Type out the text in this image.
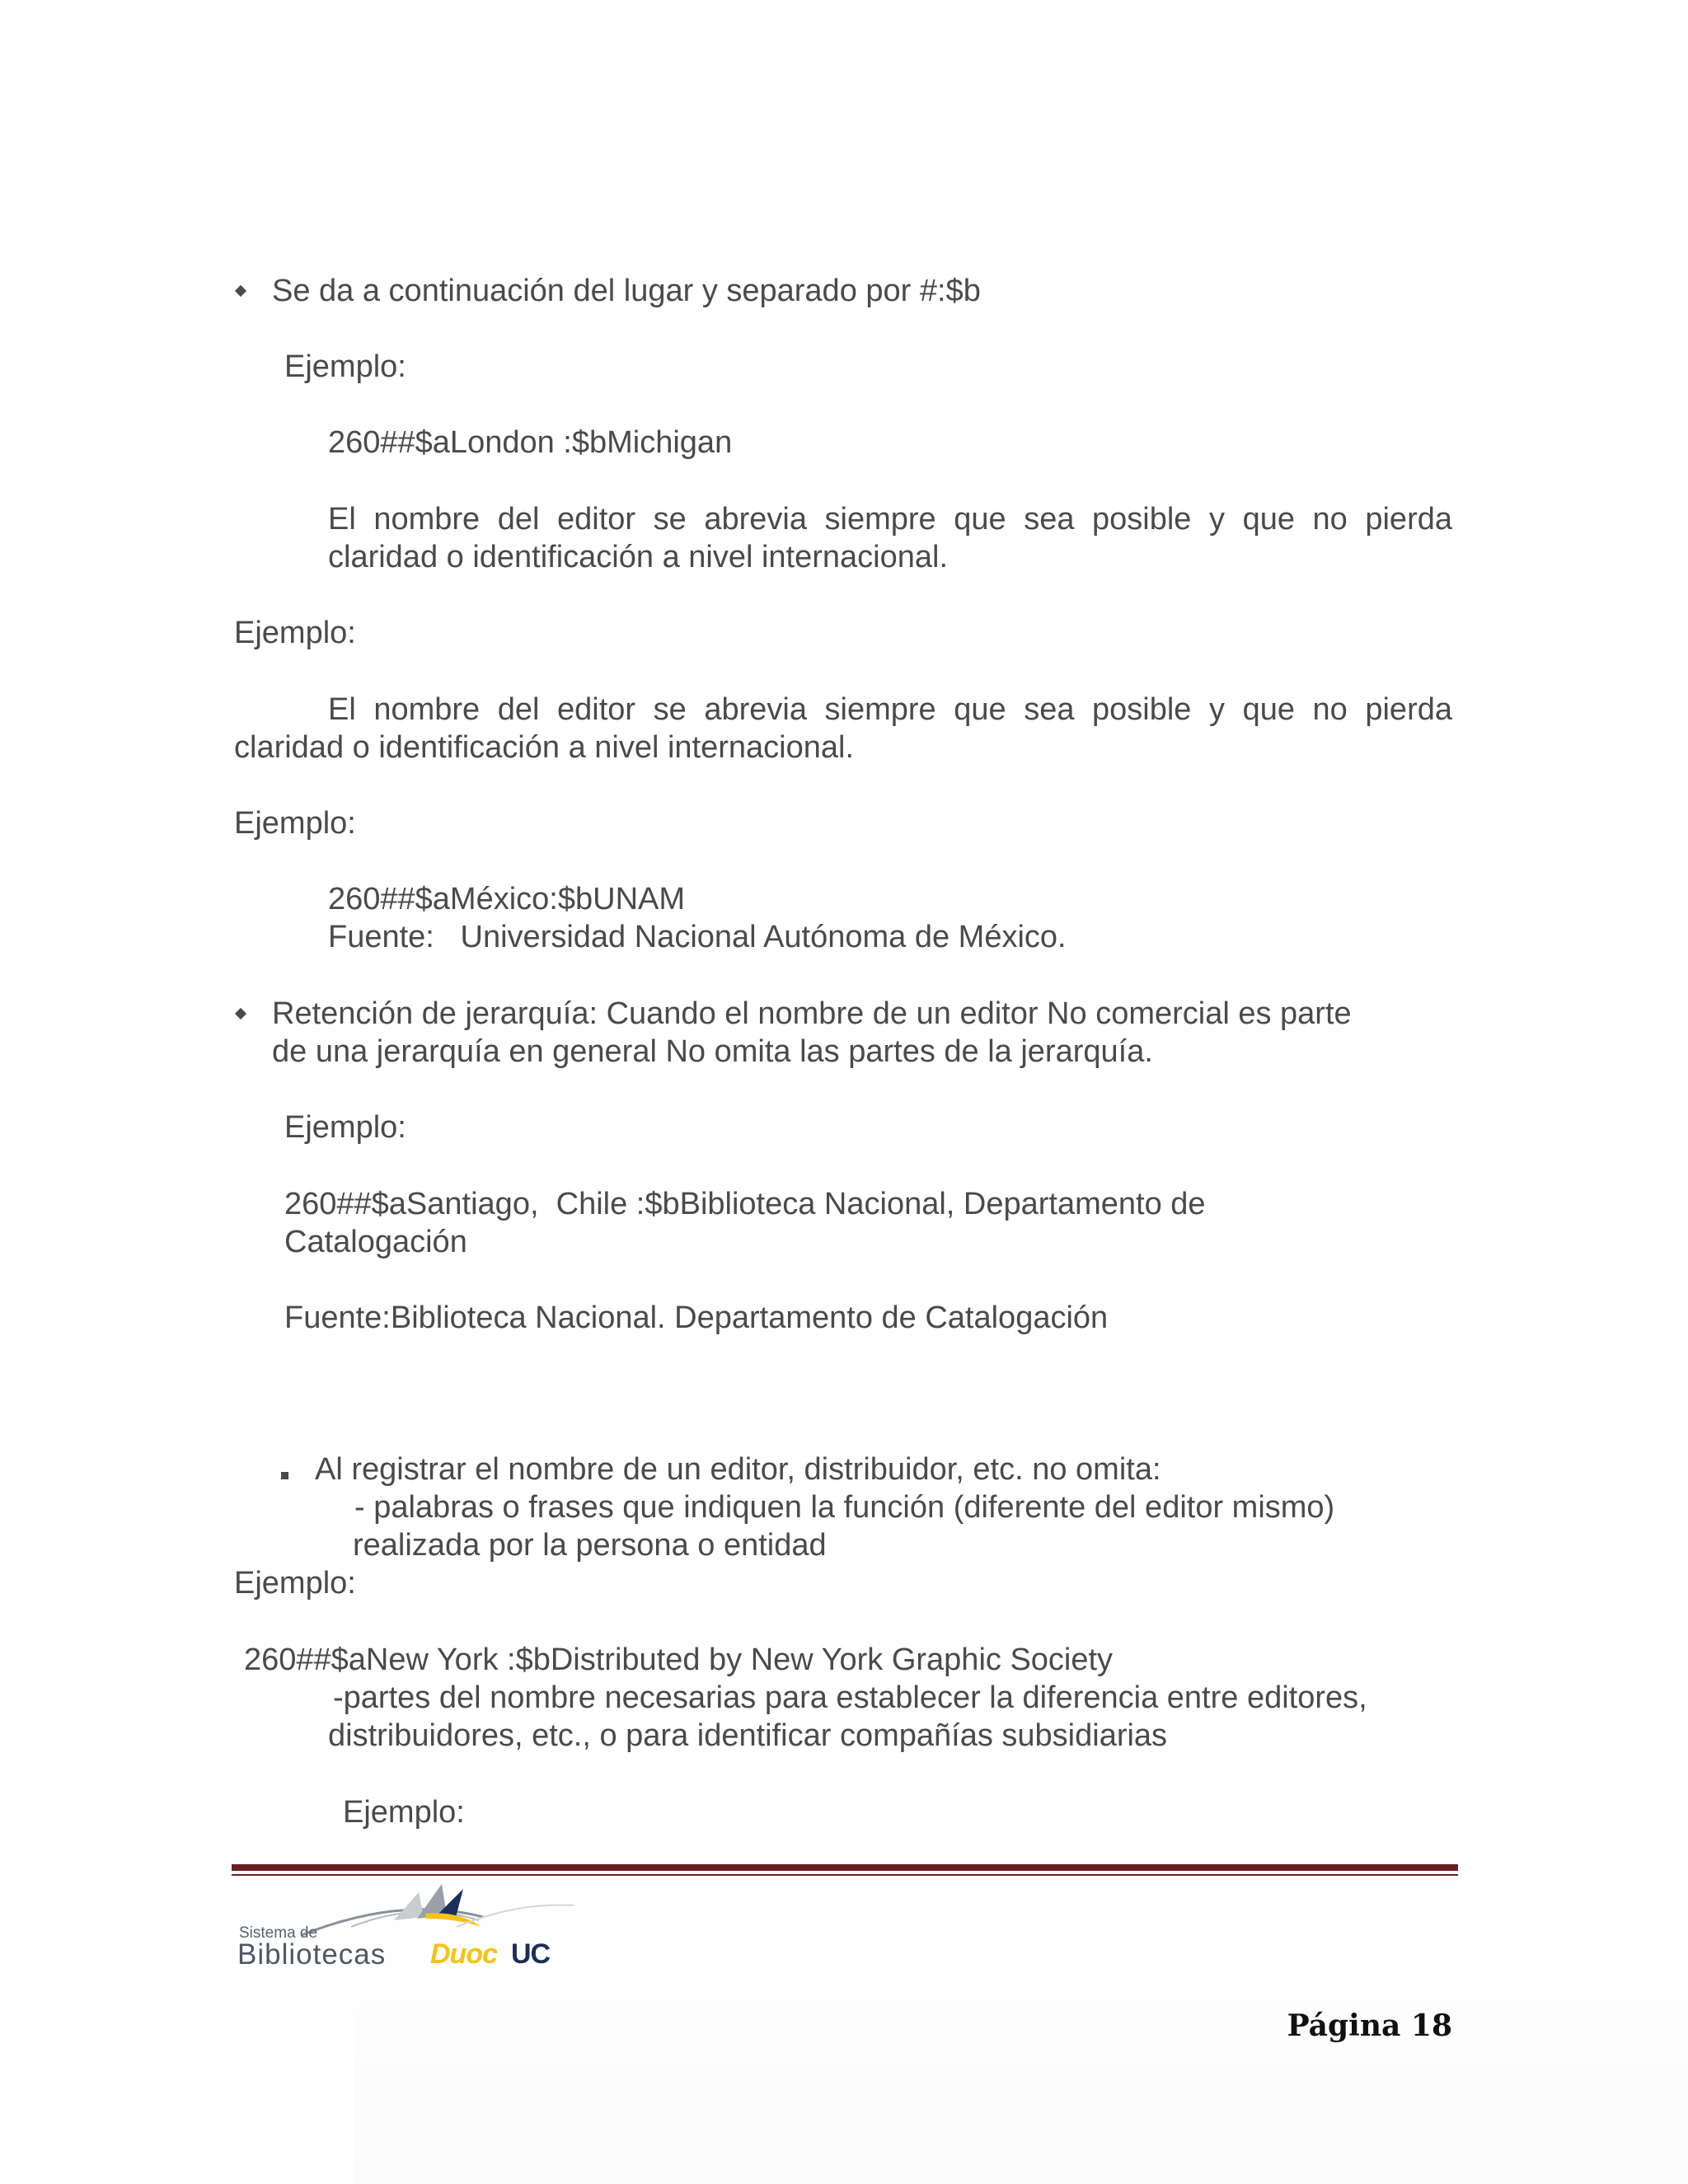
Se da a continuación del lugar y separado por #:$b

Ejemplo:

260##$aLondon :$bMichigan

El nombre del editor se abrevia siempre que sea posible y que no pierda

claridad o identificación a nivel internacional.

Ejemplo:

El nombre del editor se abrevia siempre que sea posible y que no pierda

claridad o identificación a nivel internacional.

Ejemplo:

260##$aMéxico:$bUNAM

Fuente:   Universidad Nacional Autónoma de México.

Retención de jerarquía: Cuando el nombre de un editor No comercial es parte

de una jerarquía en general No omita las partes de la jerarquía.

Ejemplo:

260##$aSantiago,  Chile :$bBiblioteca Nacional, Departamento de

Catalogación

Fuente:Biblioteca Nacional. Departamento de Catalogación

Al registrar el nombre de un editor, distribuidor, etc. no omita:

- palabras o frases que indiquen la función (diferente del editor mismo)

realizada por la persona o entidad

Ejemplo:

260##$aNew York :$bDistributed by New York Graphic Society

-partes del nombre necesarias para establecer la diferencia entre editores,

distribuidores, etc., o para identificar compañías subsidiarias

Ejemplo:

Sistema de
Bibliotecas Duoc UC
Página 18
